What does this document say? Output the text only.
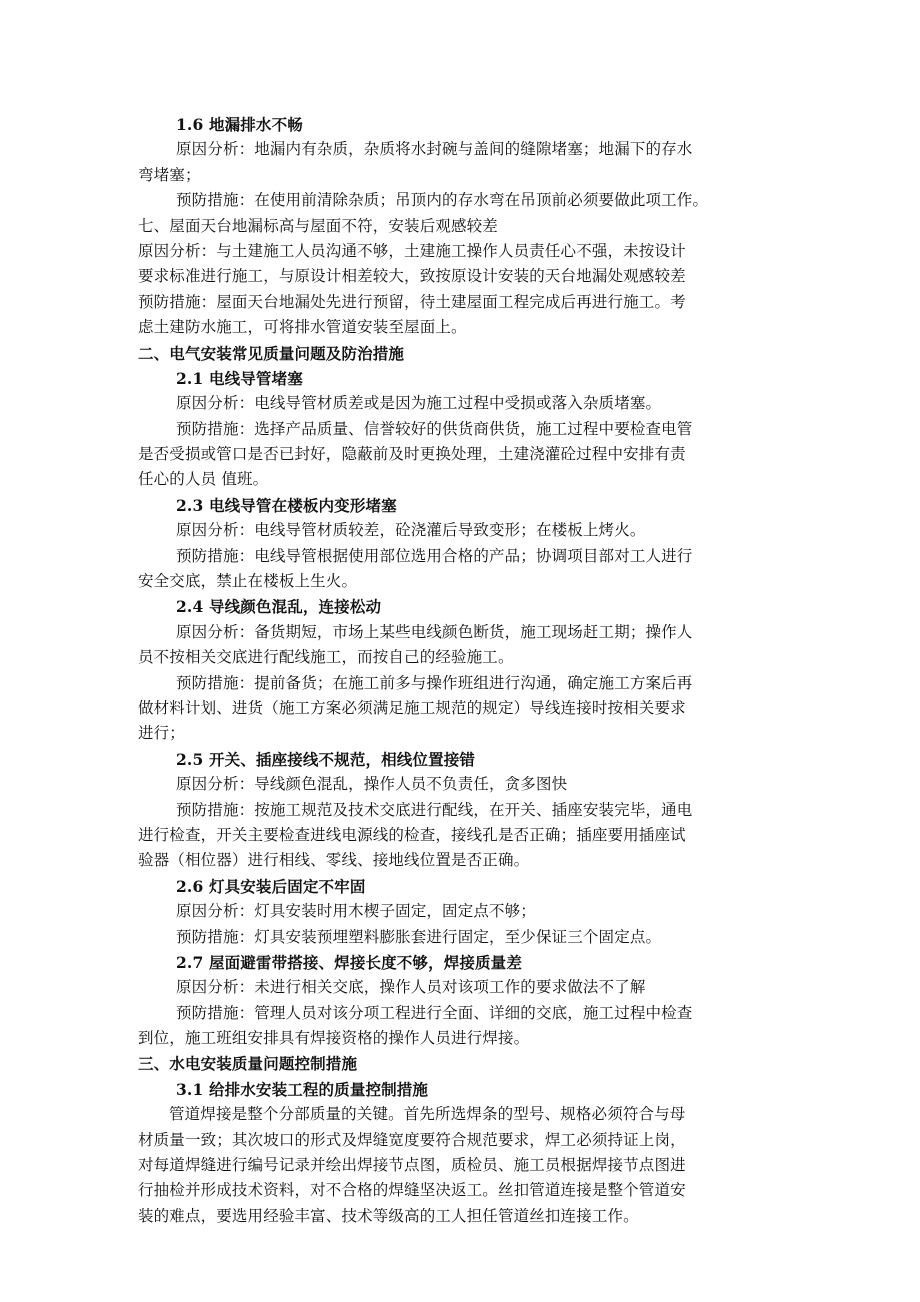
1.6 地漏排水不畅
原因分析：地漏内有杂质，杂质将水封碗与盖间的缝隙堵塞；地漏下的存水
弯堵塞；
预防措施：在使用前清除杂质；吊顶内的存水弯在吊顶前必须要做此项工作。
七、屋面天台地漏标高与屋面不符，安装后观感较差
原因分析：与土建施工人员沟通不够，土建施工操作人员责任心不强，未按设计
要求标准进行施工，与原设计相差较大，致按原设计安装的天台地漏处观感较差
预防措施：屋面天台地漏处先进行预留，待土建屋面工程完成后再进行施工。考
虑土建防水施工，可将排水管道安装至屋面上。
二、电气安装常见质量问题及防治措施
2.1 电线导管堵塞
原因分析：电线导管材质差或是因为施工过程中受损或落入杂质堵塞。
预防措施：选择产品质量、信誉较好的供货商供货，施工过程中要检查电管
是否受损或管口是否已封好，隐蔽前及时更换处理，土建浇灌砼过程中安排有责
任心的人员 值班。
2.3 电线导管在楼板内变形堵塞
原因分析：电线导管材质较差，砼浇灌后导致变形；在楼板上烤火。
预防措施：电线导管根据使用部位选用合格的产品；协调项目部对工人进行
安全交底，禁止在楼板上生火。
2.4 导线颜色混乱，连接松动
原因分析：备货期短，市场上某些电线颜色断货，施工现场赶工期；操作人
员不按相关交底进行配线施工，而按自己的经验施工。
预防措施：提前备货；在施工前多与操作班组进行沟通，确定施工方案后再
做材料计划、进货（施工方案必须满足施工规范的规定）导线连接时按相关要求
进行；
2.5 开关、插座接线不规范，相线位置接错
原因分析：导线颜色混乱，操作人员不负责任，贪多图快
预防措施：按施工规范及技术交底进行配线，在开关、插座安装完毕，通电
进行检查，开关主要检查进线电源线的检查，接线孔是否正确；插座要用插座试
验器（相位器）进行相线、零线、接地线位置是否正确。
2.6 灯具安装后固定不牢固
原因分析：灯具安装时用木楔子固定，固定点不够；
预防措施：灯具安装预埋塑料膨胀套进行固定，至少保证三个固定点。
2.7 屋面避雷带搭接、焊接长度不够，焊接质量差
原因分析：未进行相关交底，操作人员对该项工作的要求做法不了解
预防措施：管理人员对该分项工程进行全面、详细的交底，施工过程中检查
到位，施工班组安排具有焊接资格的操作人员进行焊接。
三、水电安装质量问题控制措施
3.1 给排水安装工程的质量控制措施
管道焊接是整个分部质量的关键。首先所选焊条的型号、规格必须符合与母
材质量一致；其次坡口的形式及焊缝宽度要符合规范要求，焊工必须持证上岗，
对每道焊缝进行编号记录并绘出焊接节点图，质检员、施工员根据焊接节点图进
行抽检并形成技术资料，对不合格的焊缝坚决返工。丝扣管道连接是整个管道安
装的难点，要选用经验丰富、技术等级高的工人担任管道丝扣连接工作。
